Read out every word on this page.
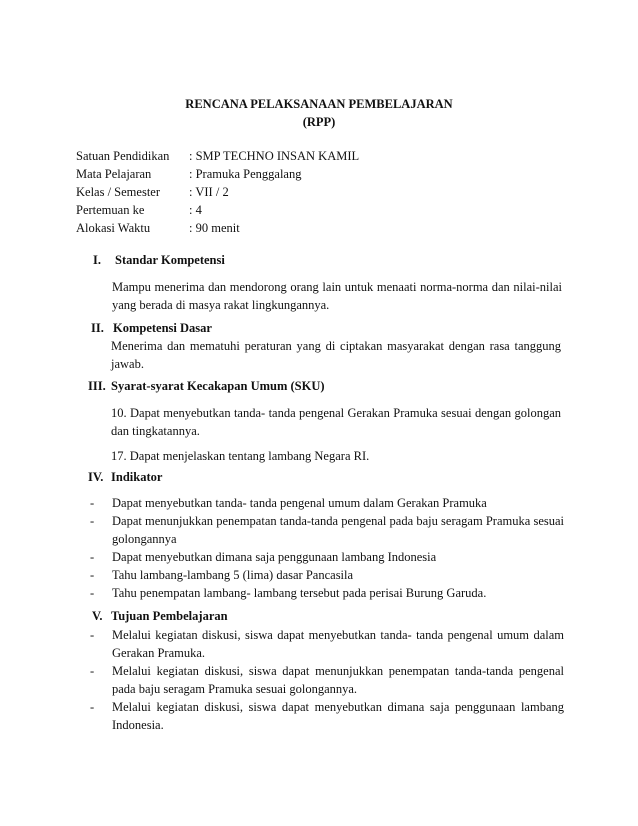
RENCANA PELAKSANAAN PEMBELAJARAN
(RPP)
Satuan Pendidikan	: SMP TECHNO INSAN KAMIL
Mata Pelajaran	: Pramuka Penggalang
Kelas / Semester	: VII / 2
Pertemuan ke	: 4
Alokasi Waktu	: 90 menit
I. Standar Kompetensi
Mampu menerima dan mendorong orang lain untuk menaati norma-norma dan nilai-nilai yang berada di masya rakat lingkungannya.
II. Kompetensi Dasar
Menerima dan mematuhi peraturan yang di ciptakan masyarakat dengan rasa tanggung jawab.
III. Syarat-syarat Kecakapan Umum (SKU)
10. Dapat menyebutkan tanda- tanda pengenal Gerakan Pramuka sesuai dengan golongan dan tingkatannya.
17. Dapat menjelaskan tentang lambang Negara RI.
IV. Indikator
-	Dapat menyebutkan tanda- tanda pengenal umum dalam Gerakan Pramuka
-	Dapat menunjukkan penempatan tanda-tanda pengenal pada baju seragam Pramuka sesuai golongannya
-	Dapat menyebutkan dimana saja penggunaan lambang Indonesia
-	Tahu lambang-lambang 5 (lima) dasar Pancasila
-	Tahu penempatan lambang- lambang tersebut pada perisai Burung Garuda.
V. Tujuan Pembelajaran
-	Melalui kegiatan diskusi, siswa dapat menyebutkan tanda- tanda pengenal umum dalam Gerakan Pramuka.
-	Melalui kegiatan diskusi, siswa dapat menunjukkan penempatan tanda-tanda pengenal pada baju seragam Pramuka sesuai golongannya.
-	Melalui kegiatan diskusi, siswa dapat menyebutkan dimana saja penggunaan lambang Indonesia.
